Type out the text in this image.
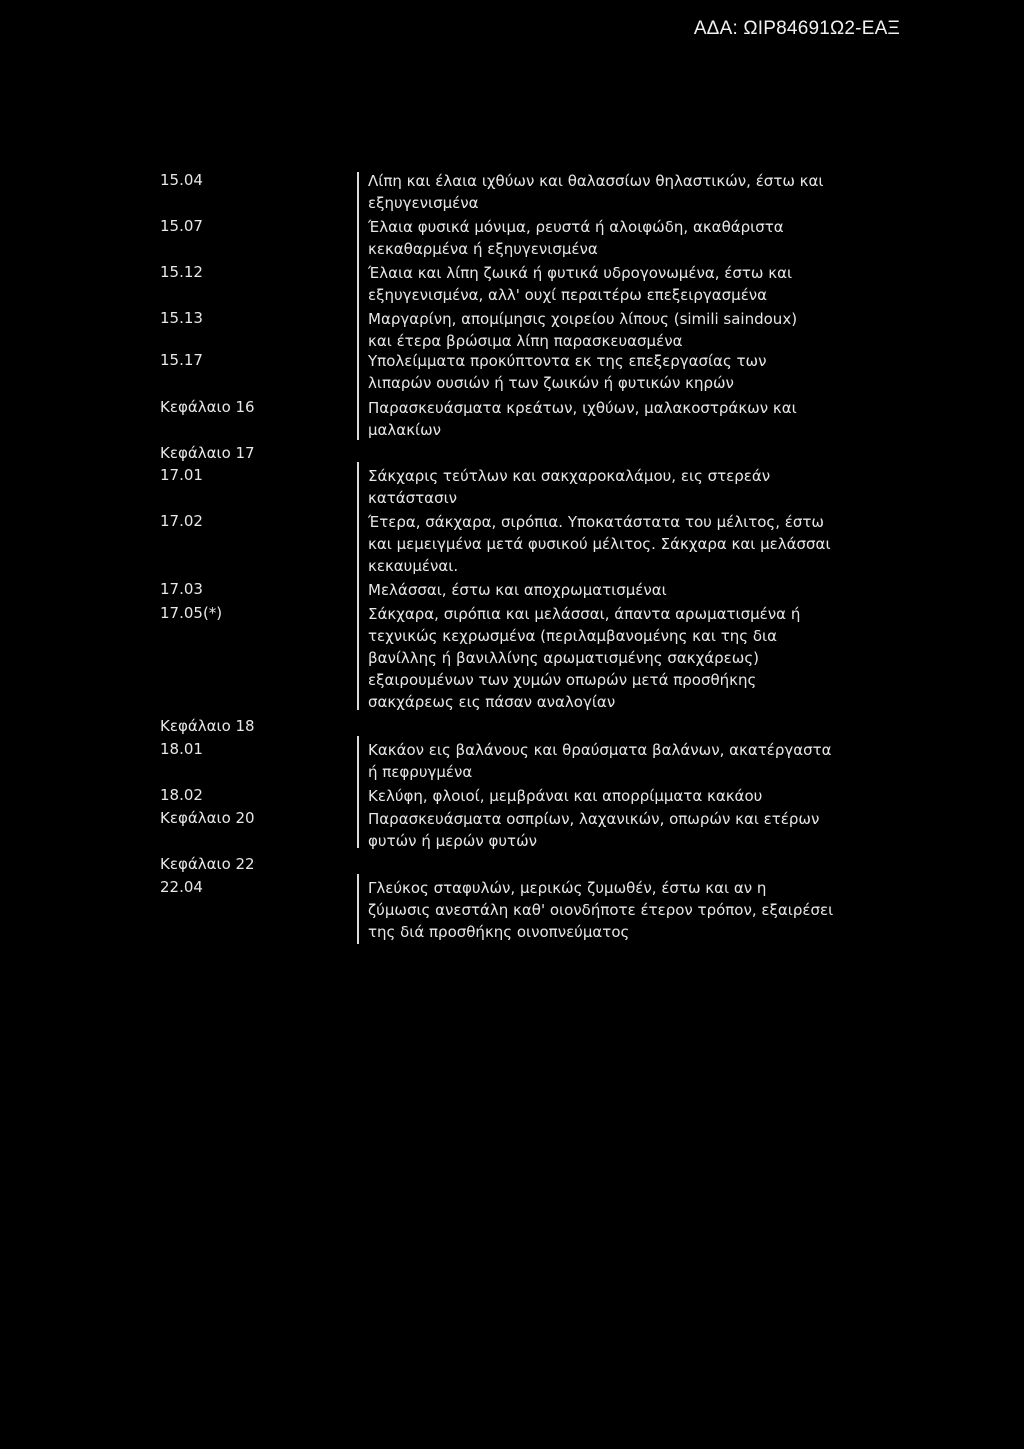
ΑΔΑ: ΩΙΡ84691Ω2-ΕΑΞ
15.04	Λίπη και έλαια ιχθύων και θαλασσίων θηλαστικών, έστω και
εξηυγενισμένα
15.07	Έλαια φυσικά μόνιμα, ρευστά ή αλοιφώδη, ακαθάριστα
κεκαθαρμένα ή εξηυγενισμένα
15.12	Έλαια και λίπη ζωικά ή φυτικά υδρογονωμένα, έστω και
εξηυγενισμένα, αλλ' ουχί περαιτέρω επεξειργασμένα
15.13	Μαργαρίνη, απομίμησις χοιρείου λίπους (simili saindoux)
και έτερα βρώσιμα λίπη παρασκευασμένα
15.17	Υπολείμματα προκύπτοντα εκ της επεξεργασίας των
λιπαρών ουσιών ή των ζωικών ή φυτικών κηρών
Κεφάλαιο 16	Παρασκευάσματα κρεάτων, ιχθύων, μαλακοστράκων και
μαλακίων
Κεφάλαιο 17
17.01	Σάκχαρις τεύτλων και σακχαροκαλάμου, εις στερεάν
κατάστασιν
17.02	Έτερα, σάκχαρα, σιρόπια. Υποκατάστατα του μέλιτος, έστω
και μεμειγμένα μετά φυσικού μέλιτος. Σάκχαρα και μελάσσαι
κεκαυμέναι.
17.03	Μελάσσαι, έστω και αποχρωματισμέναι
17.05(*)	Σάκχαρα, σιρόπια και μελάσσαι, άπαντα αρωματισμένα ή
τεχνικώς κεχρωσμένα (περιλαμβανομένης και της δια
βανίλλης ή βανιλλίνης αρωματισμένης σακχάρεως)
εξαιρουμένων των χυμών οπωρών μετά προσθήκης
σακχάρεως εις πάσαν αναλογίαν
Κεφάλαιο 18
18.01	Κακάον εις βαλάνους και θραύσματα βαλάνων, ακατέργαστα
ή πεφρυγμένα
18.02	Κελύφη, φλοιοί, μεμβράναι και απορρίμματα κακάου
Κεφάλαιο 20	Παρασκευάσματα οσπρίων, λαχανικών, οπωρών και ετέρων
φυτών ή μερών φυτών
Κεφάλαιο 22
22.04	Γλεύκος σταφυλών, μερικώς ζυμωθέν, έστω και αν η
ζύμωσις ανεστάλη καθ' οιονδήποτε έτερον τρόπον, εξαιρέσει
της διά προσθήκης οινοπνεύματος
